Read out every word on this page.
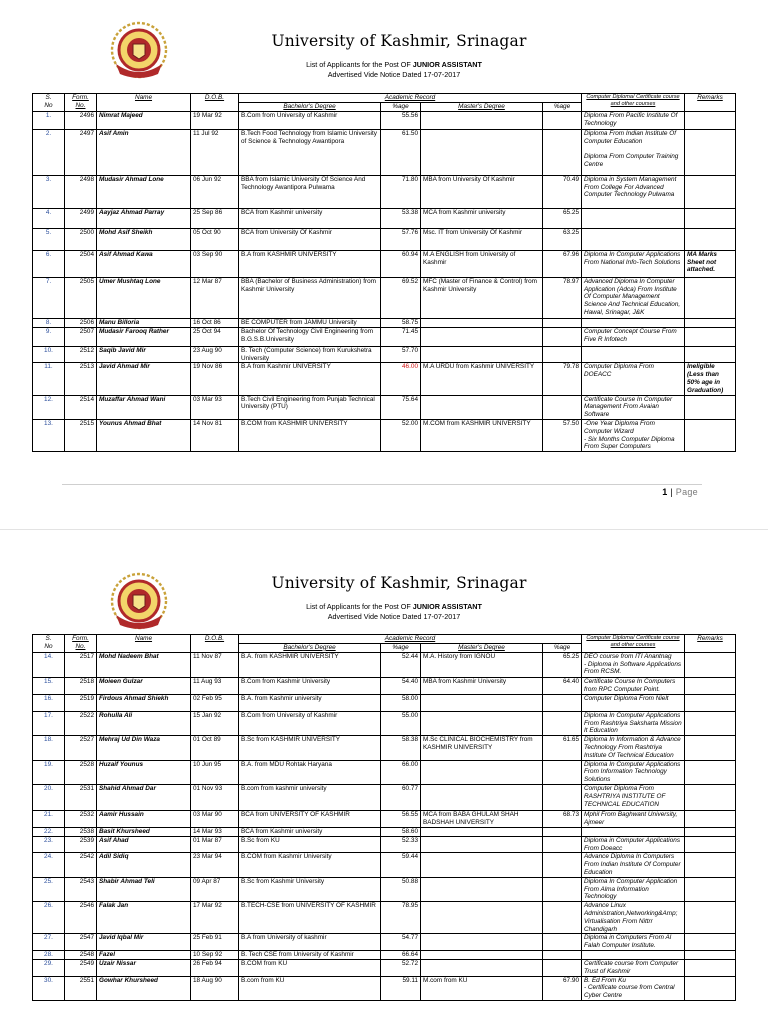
University of Kashmir, Srinagar
List of Applicants for the Post OF JUNIOR ASSISTANT
Advertised Vide Notice Dated 17-07-2017
S.
No	Form.
No.	Name	D.O.B.	Academic Record				Computer Diploma/ Certificate course and other courses	Remarks
				Bachelor's Degree	%age	Master's Degree	%age		
1.	2496	Nimrat Majeed	19 Mar 92	B.Com from University of Kashmir	55.56			Diploma From Pacific Institute Of Technology	
2.	2497	Asif Amin	11 Jul 92	B.Tech Food Technology from Islamic University of Science & Technology Awantipora	61.50			Diploma From Indian Institute Of Computer Education

Diploma From Computer Training Centre	
3.	2498	Mudasir Ahmad Lone	06 Jun 92	BBA from Islamic University Of Science And Technology Awantipora Pulwama	71.80	MBA from University Of Kashmir	70.49	Diploma in System Management From College For Advanced Computer Technology Pulwama	
4.	2499	Aayjaz Ahmad Parray	25 Sep 86	BCA from Kashmir university	53.38	MCA from Kashmir university	65.25		
5.	2500	Mohd Asif Sheikh	05 Oct 90	BCA from University Of Kashmir	57.76	Msc. IT from University Of Kashmir	63.25		
6.	2504	Asif Ahmad Kawa	03 Sep 90	B.A from KASHMIR UNIVERSITY	60.94	M.A ENGLISH from University of Kashmir	67.96	Diploma In Computer Applications From National Info-Tech Solutions	MA Marks Sheet not attached.
7.	2505	Umer Mushtaq Lone	12 Mar 87	BBA (Bachelor of Business Administration) from Kashmir University	69.52	MFC (Master of Finance & Control) from Kashmir University	78.97	Advanced Diploma In Computer Application (Adca) From Institute Of Computer Management Science And Technical Education, Hawal, Srinagar, J&K	
8.	2506	Manu Billoria	16 Oct 86	BE COMPUTER from JAMMU University	58.75				
9.	2507	Mudasir Farooq Rather	25 Oct 94	Bachelor Of Technology Civil Engineering from B.G.S.B.University	71.45			Computer Concept Course From Five R Infotech	
10.	2512	Saqib Javid Mir	23 Aug 90	B. Tech (Computer Science) from Kurukshetra University	57.70				
11.	2513	Javid Ahmad Mir	19 Nov 86	B.A from Kashmir UNIVERSITY	46.00	M.A URDU from Kashmir UNIVERSITY	79.78	Computer Diploma From DOEACC	Ineligible (Less than 50% age in Graduation)
12.	2514	Muzaffar Ahmad Wani	03 Mar 93	B.Tech Civil Engineering from Punjab Technical University (PTU)	75.64			Certificate Course In Computer Management From Avaian Software	
13.	2515	Younus Ahmad Bhat	14 Nov 81	B.COM from KASHMIR UNIVERSITY	52.00	M.COM from KASHMIR UNIVERSITY	57.50	-One Year Diploma From Computer Wizard
- Six Months Computer Diploma From Super Computers	
1 | Page
University of Kashmir, Srinagar
List of Applicants for the Post OF JUNIOR ASSISTANT
Advertised Vide Notice Dated 17-07-2017
S.
No	Form.
No.	Name	D.O.B.	Academic Record				Computer Diploma/ Certificate course and other courses	Remarks
				Bachelor's Degree	%age	Master's Degree	%age		
14.	2517	Mohd Nadeem Bhat	11 Nov 87	B.A. from KASHMIR UNIVERSITY	52.44	M.A. History from IGNOU	65.25	DEO course from ITI Anantnag
- Diploma in Software Applications From RCSM.	
15.	2518	Moieen Gulzar	11 Aug 93	B.Com from Kashmir University	54.40	MBA from Kashmir University	64.40	Certificate Course In Computers from RPC Computer Point.	
16.	2519	Firdous Ahmad Shiekh	02 Feb 95	B.A. from Kashmir university	58.00			Computer Diploma From Nielt	
17.	2522	Rohulla Ali	15 Jan 92	B.Com from University of Kashmir	55.00			Diploma In Computer Applications From Rashtriya Saksharta Mission It Education	
18.	2527	Mehraj Ud Din Waza	01 Oct 89	B.Sc from KASHMIR UNIVERSITY	58.38	M.Sc CLINICAL BIOCHEMISTRY from KASHMIR UNIVERSITY	61.65	Diploma In Information & Advance Technology From Rashtriya Institute Of Technical Education	
19.	2528	Huzaif Younus	10 Jun 95	B.A. from MDU Rohtak Haryana	66.00			Diploma In Computer Applications From Information Technology Solutions	
20.	2531	Shahid Ahmad Dar	01 Nov 93	B.com from kashmir university	60.77			Computer Diploma From RASHTRIYA INSTITUTE OF TECHNICAL EDUCATION	
21.	2532	Aamir Hussain	03 Mar 90	BCA from UNIVERSITY OF KASHMIR	56.55	MCA from BABA GHULAM SHAH BADSHAH UNIVERSITY	68.73	Mphil From Baghwant University, Ajmeer	
22.	2538	Basit Khursheed	14 Mar 93	BCA from Kashmir university	58.60				
23.	2539	Asif Ahad	01 Mar 87	B.Sc from KU	52.33			Diploma in Computer Applications From Doeacc	
24.	2542	Adil Sidiq	23 Mar 94	B.COM from Kashmir University	59.44			Advance Diploma In Computers From Indian Institute Of Computer Education	
25.	2543	Shabir Ahmad Teli	09 Apr 87	B.Sc from Kashmir University	50.88			Diploma In Computer Application From Alma Information Technology	
26.	2546	Falak Jan	17 Mar 92	B.TECH-CSE from UNIVERSITY OF KASHMIR	78.95			Advance Linux Administration,Networking&Amp; Virtualisation From Nittrr Chandigarh	
27.	2547	Javid Iqbal Mir	25 Feb 91	B.A from University of kashmir	54.77			Diploma in Computers From Al Falah Computer Institute.	
28.	2548	Fazel	10 Sep 92	B. Tech CSE from University of Kashmir	66.64				
29.	2549	Uzair Nissar	26 Feb 94	B.COM from KU	52.72			Certificate course from Computer Trust of Kashmir	
30.	2551	Gowhar Khursheed	18 Aug 90	B.com from KU	59.11	M.com from KU	67.90	B. Ed From Ku
- Certificate course from Central Cyber Centre	
